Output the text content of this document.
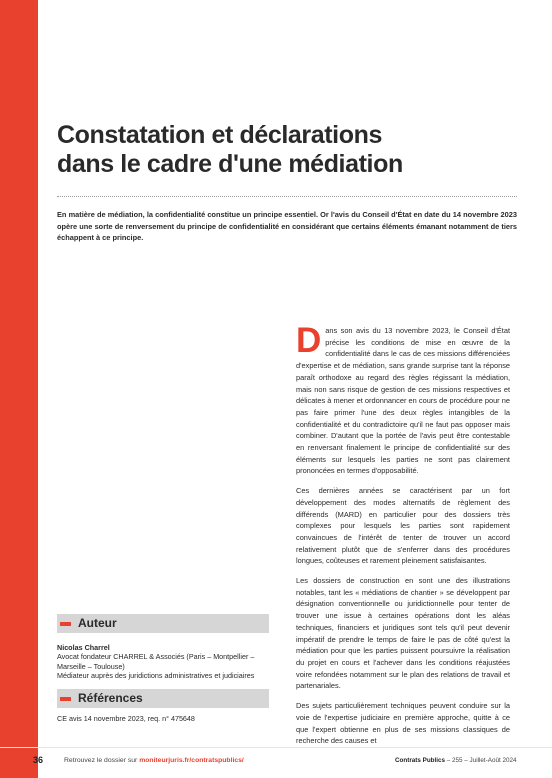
Constatation et déclarations
dans le cadre d'une médiation
En matière de médiation, la confidentialité constitue un principe essentiel. Or l'avis du Conseil d'État en date du 14 novembre 2023 opère une sorte de renversement du principe de confidentialité en considérant que certains éléments émanant notamment de tiers échappent à ce principe.

Dans son avis du 13 novembre 2023, le Conseil d'État précise les conditions de mise en œuvre de la confidentialité dans le cas de ces missions différenciées d'expertise et de médiation, sans grande surprise tant la réponse paraît orthodoxe au regard des règles régissant la médiation, mais non sans risque de gestion de ces missions respectives et délicates à mener et ordonnancer en cours de procédure pour ne pas faire primer l'une des deux règles intangibles de la confidentialité et du contradictoire qu'il ne faut pas opposer mais combiner. D'autant que la portée de l'avis peut être contestable en renversant finalement le principe de confidentialité sur des éléments sur lesquels les parties ne sont pas clairement prononcées en termes d'opposabilité.

Ces dernières années se caractérisent par un fort développement des modes alternatifs de règlement des différends (MARD) en particulier pour des dossiers très complexes pour lesquels les parties sont rapidement convaincues de l'intérêt de tenter de trouver un accord relativement plutôt que de s'enferrer dans des procédures longues, coûteuses et rarement pleinement satisfaisantes.

Les dossiers de construction en sont une des illustrations notables, tant les « médiations de chantier » se développent par désignation conventionnelle ou juridictionnelle pour tenter de trouver une issue à certaines opérations dont les aléas techniques, financiers et juridiques sont tels qu'il peut devenir impératif de prendre le temps de faire le pas de côté qu'est la médiation pour que les parties puissent poursuivre la réalisation du projet en cours et l'achever dans les conditions réajustées voire refondées notamment sur le plan des relations de travail et partenariales.

Des sujets particulièrement techniques peuvent conduire sur la voie de l'expertise judiciaire en première approche, quitte à ce que l'expert obtienne en plus de ses missions classiques de recherche des causes et

Auteur
Nicolas Charrel
Avocat fondateur CHARREL & Associés (Paris – Montpellier –
Marseille – Toulouse)
Médiateur auprès des juridictions administratives et judiciaires
Références
CE avis 14 novembre 2023, req. n° 475648
36	Retrouvez le dossier sur moniteurjuris.fr/contratspublics/	Contrats Publics – 255 – Juillet-Août 2024
